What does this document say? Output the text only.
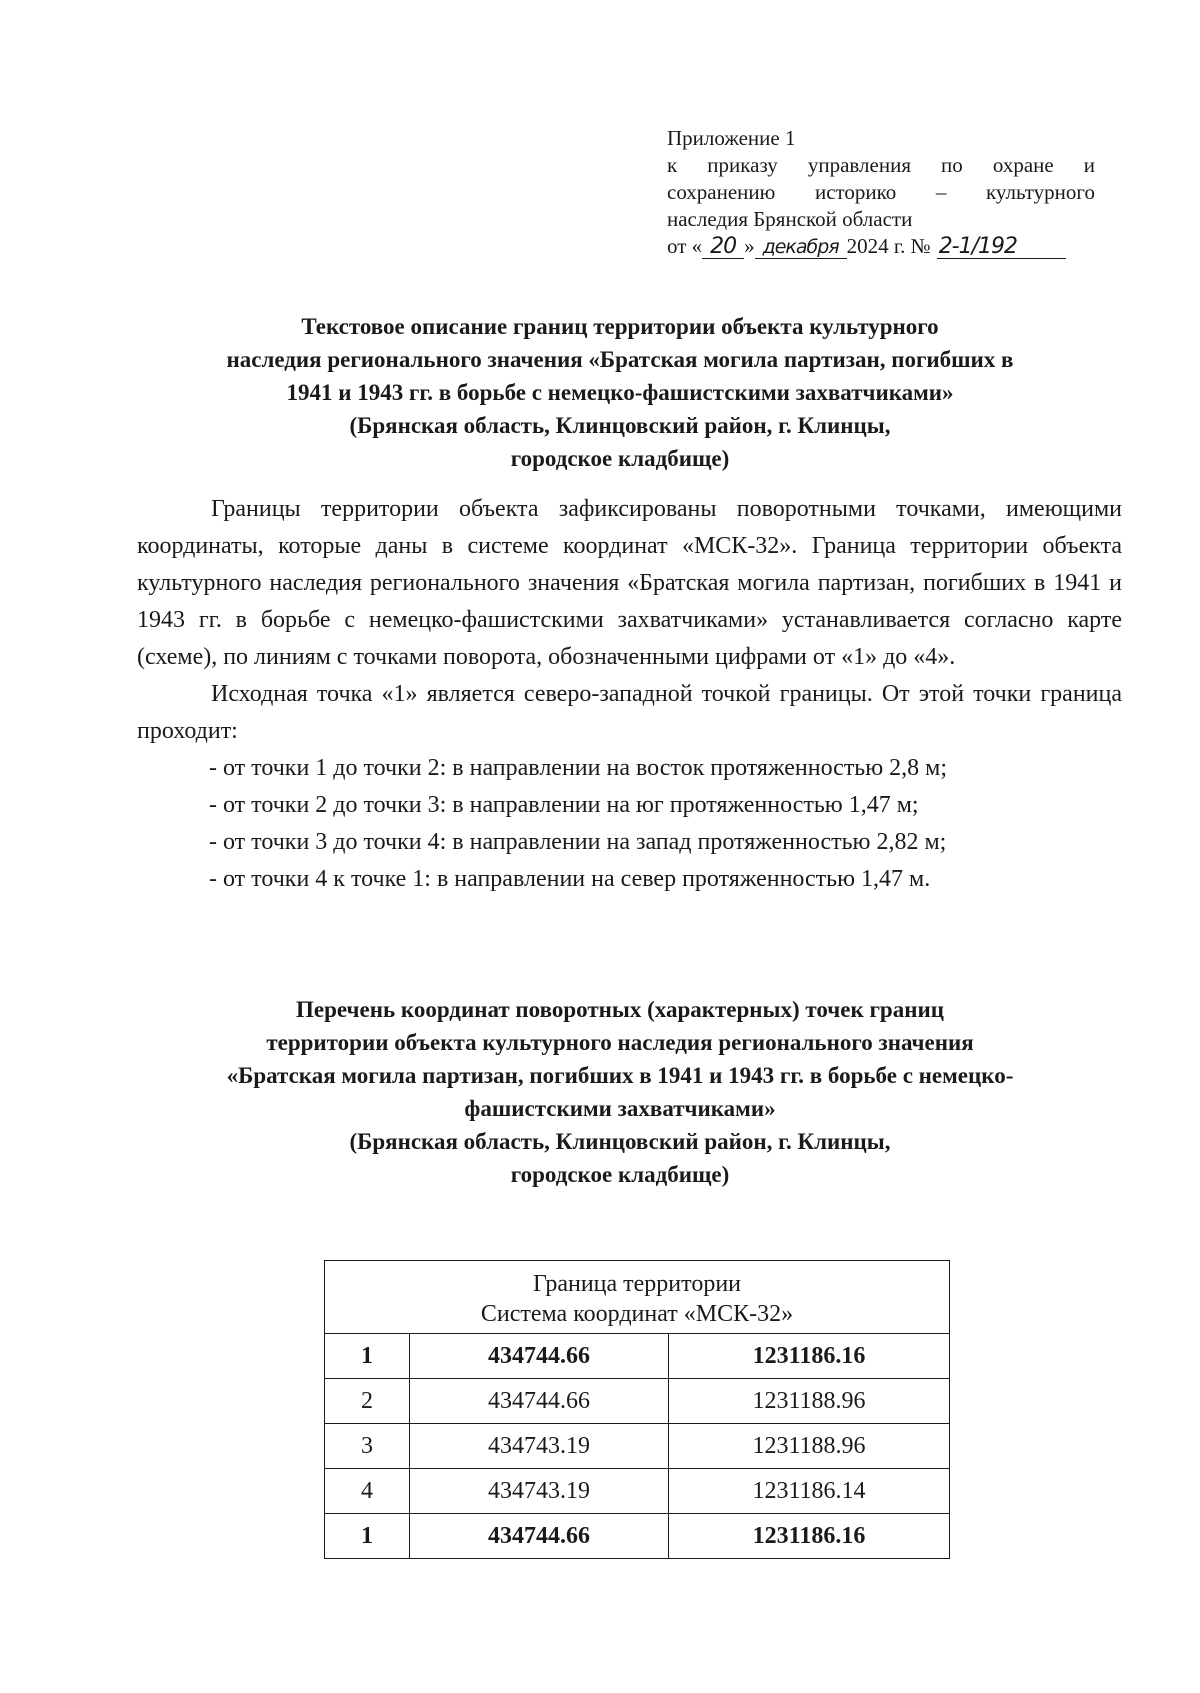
Приложение 1
к приказу управления по охране и
сохранению историко – культурного
наследия Брянской области
от « 20 » декабря 2024 г. № 2-1/192
Текстовое описание границ территории объекта культурного
наследия регионального значения «Братская могила партизан, погибших в
1941 и 1943 гг. в борьбе с немецко-фашистскими захватчиками»
(Брянская область, Клинцовский район, г. Клинцы,
городское кладбище)

Границы территории объекта зафиксированы поворотными точками, имеющими координаты, которые даны в системе координат «МСК-32». Граница территории объекта культурного наследия регионального значения «Братская могила партизан, погибших в 1941 и 1943 гг. в борьбе с немецко-фашистскими захватчиками» устанавливается согласно карте (схеме), по линиям с точками поворота, обозначенными цифрами от «1» до «4».

Исходная точка «1» является северо-западной точкой границы. От этой точки граница проходит:

- от точки 1 до точки 2: в направлении на восток протяженностью 2,8 м;
- от точки 2 до точки 3: в направлении на юг протяженностью 1,47 м;
- от точки 3 до точки 4: в направлении на запад протяженностью 2,82 м;
- от точки 4 к точке 1: в направлении на север протяженностью 1,47 м.
Перечень координат поворотных (характерных) точек границ
территории объекта культурного наследия регионального значения
«Братская могила партизан, погибших в 1941 и 1943 гг. в борьбе с немецко-
фашистскими захватчиками»
(Брянская область, Клинцовский район, г. Клинцы,
городское кладбище)
Граница территории
Система координат «МСК-32»		

1	434744.66	1231186.16
2	434744.66	1231188.96
3	434743.19	1231188.96
4	434743.19	1231186.14
1	434744.66	1231186.16
